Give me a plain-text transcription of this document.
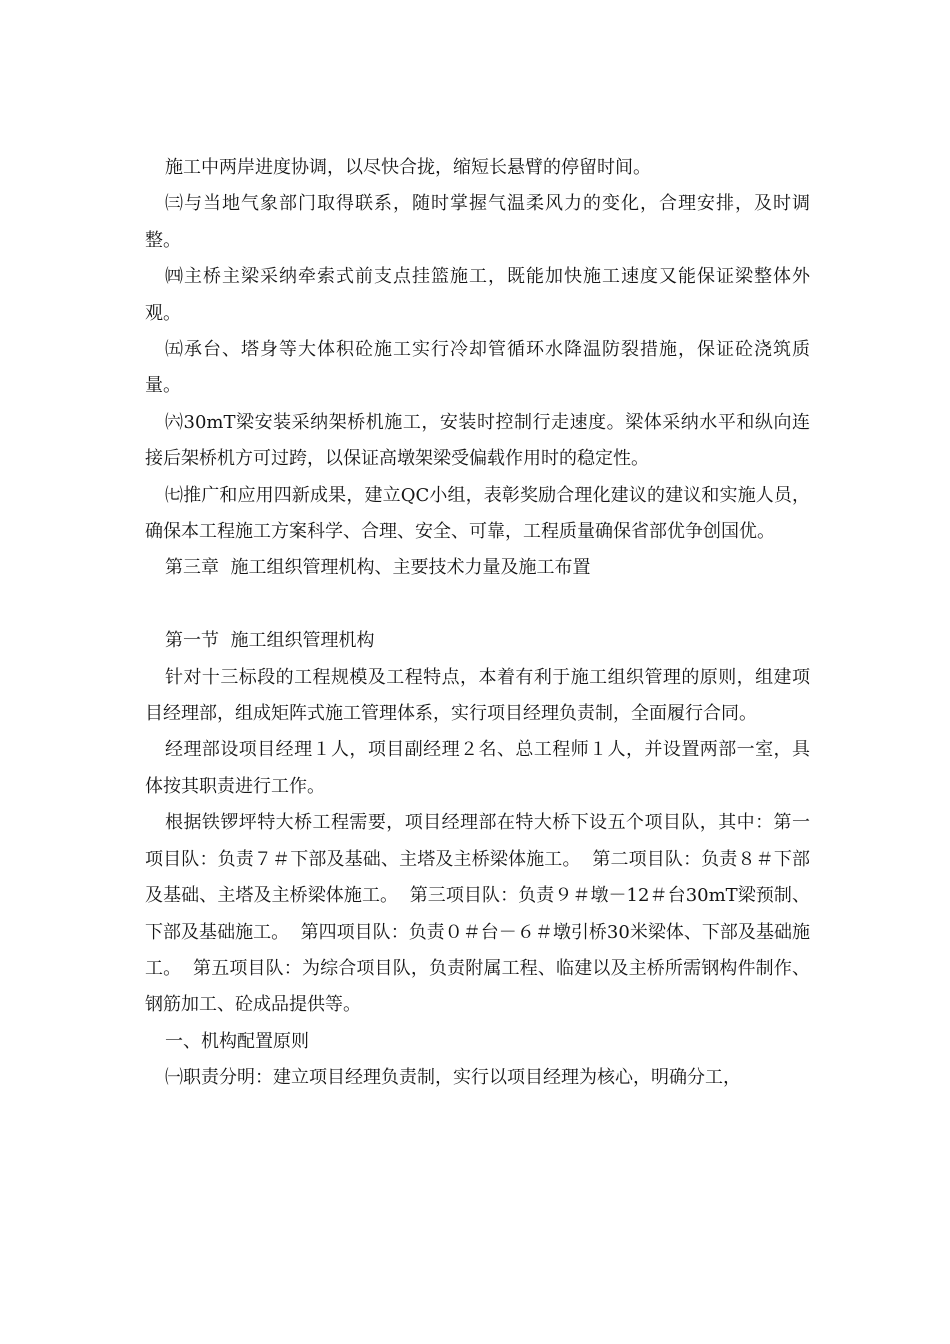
施工中两岸进度协调，以尽快合拢，缩短长悬臂的停留时间。

㈢与当地气象部门取得联系，随时掌握气温柔风力的变化，合理安排，及时调整。

㈣主桥主梁采纳牵索式前支点挂篮施工，既能加快施工速度又能保证梁整体外观。

㈤承台、塔身等大体积砼施工实行冷却管循环水降温防裂措施，保证砼浇筑质量。

㈥30mT梁安装采纳架桥机施工，安装时控制行走速度。梁体采纳水平和纵向连接后架桥机方可过跨，以保证高墩架梁受偏载作用时的稳定性。

㈦推广和应用四新成果，建立QC小组，表彰奖励合理化建议的建议和实施人员，确保本工程施工方案科学、合理、安全、可靠，工程质量确保省部优争创国优。

第三章  施工组织管理机构、主要技术力量及施工布置

第一节  施工组织管理机构

针对十三标段的工程规模及工程特点，本着有利于施工组织管理的原则，组建项目经理部，组成矩阵式施工管理体系，实行项目经理负责制，全面履行合同。

经理部设项目经理１人，项目副经理２名、总工程师１人，并设置两部一室，具体按其职责进行工作。

根据铁锣坪特大桥工程需要，项目经理部在特大桥下设五个项目队，其中：第一项目队：负责７＃下部及基础、主塔及主桥梁体施工。  第二项目队：负责８＃下部及基础、主塔及主桥梁体施工。  第三项目队：负责９＃墩－12＃台30mT梁预制、下部及基础施工。  第四项目队：负责０＃台－６＃墩引桥30米梁体、下部及基础施工。  第五项目队：为综合项目队，负责附属工程、临建以及主桥所需钢构件制作、钢筋加工、砼成品提供等。

一、机构配置原则

㈠职责分明：建立项目经理负责制，实行以项目经理为核心，明确分工，
